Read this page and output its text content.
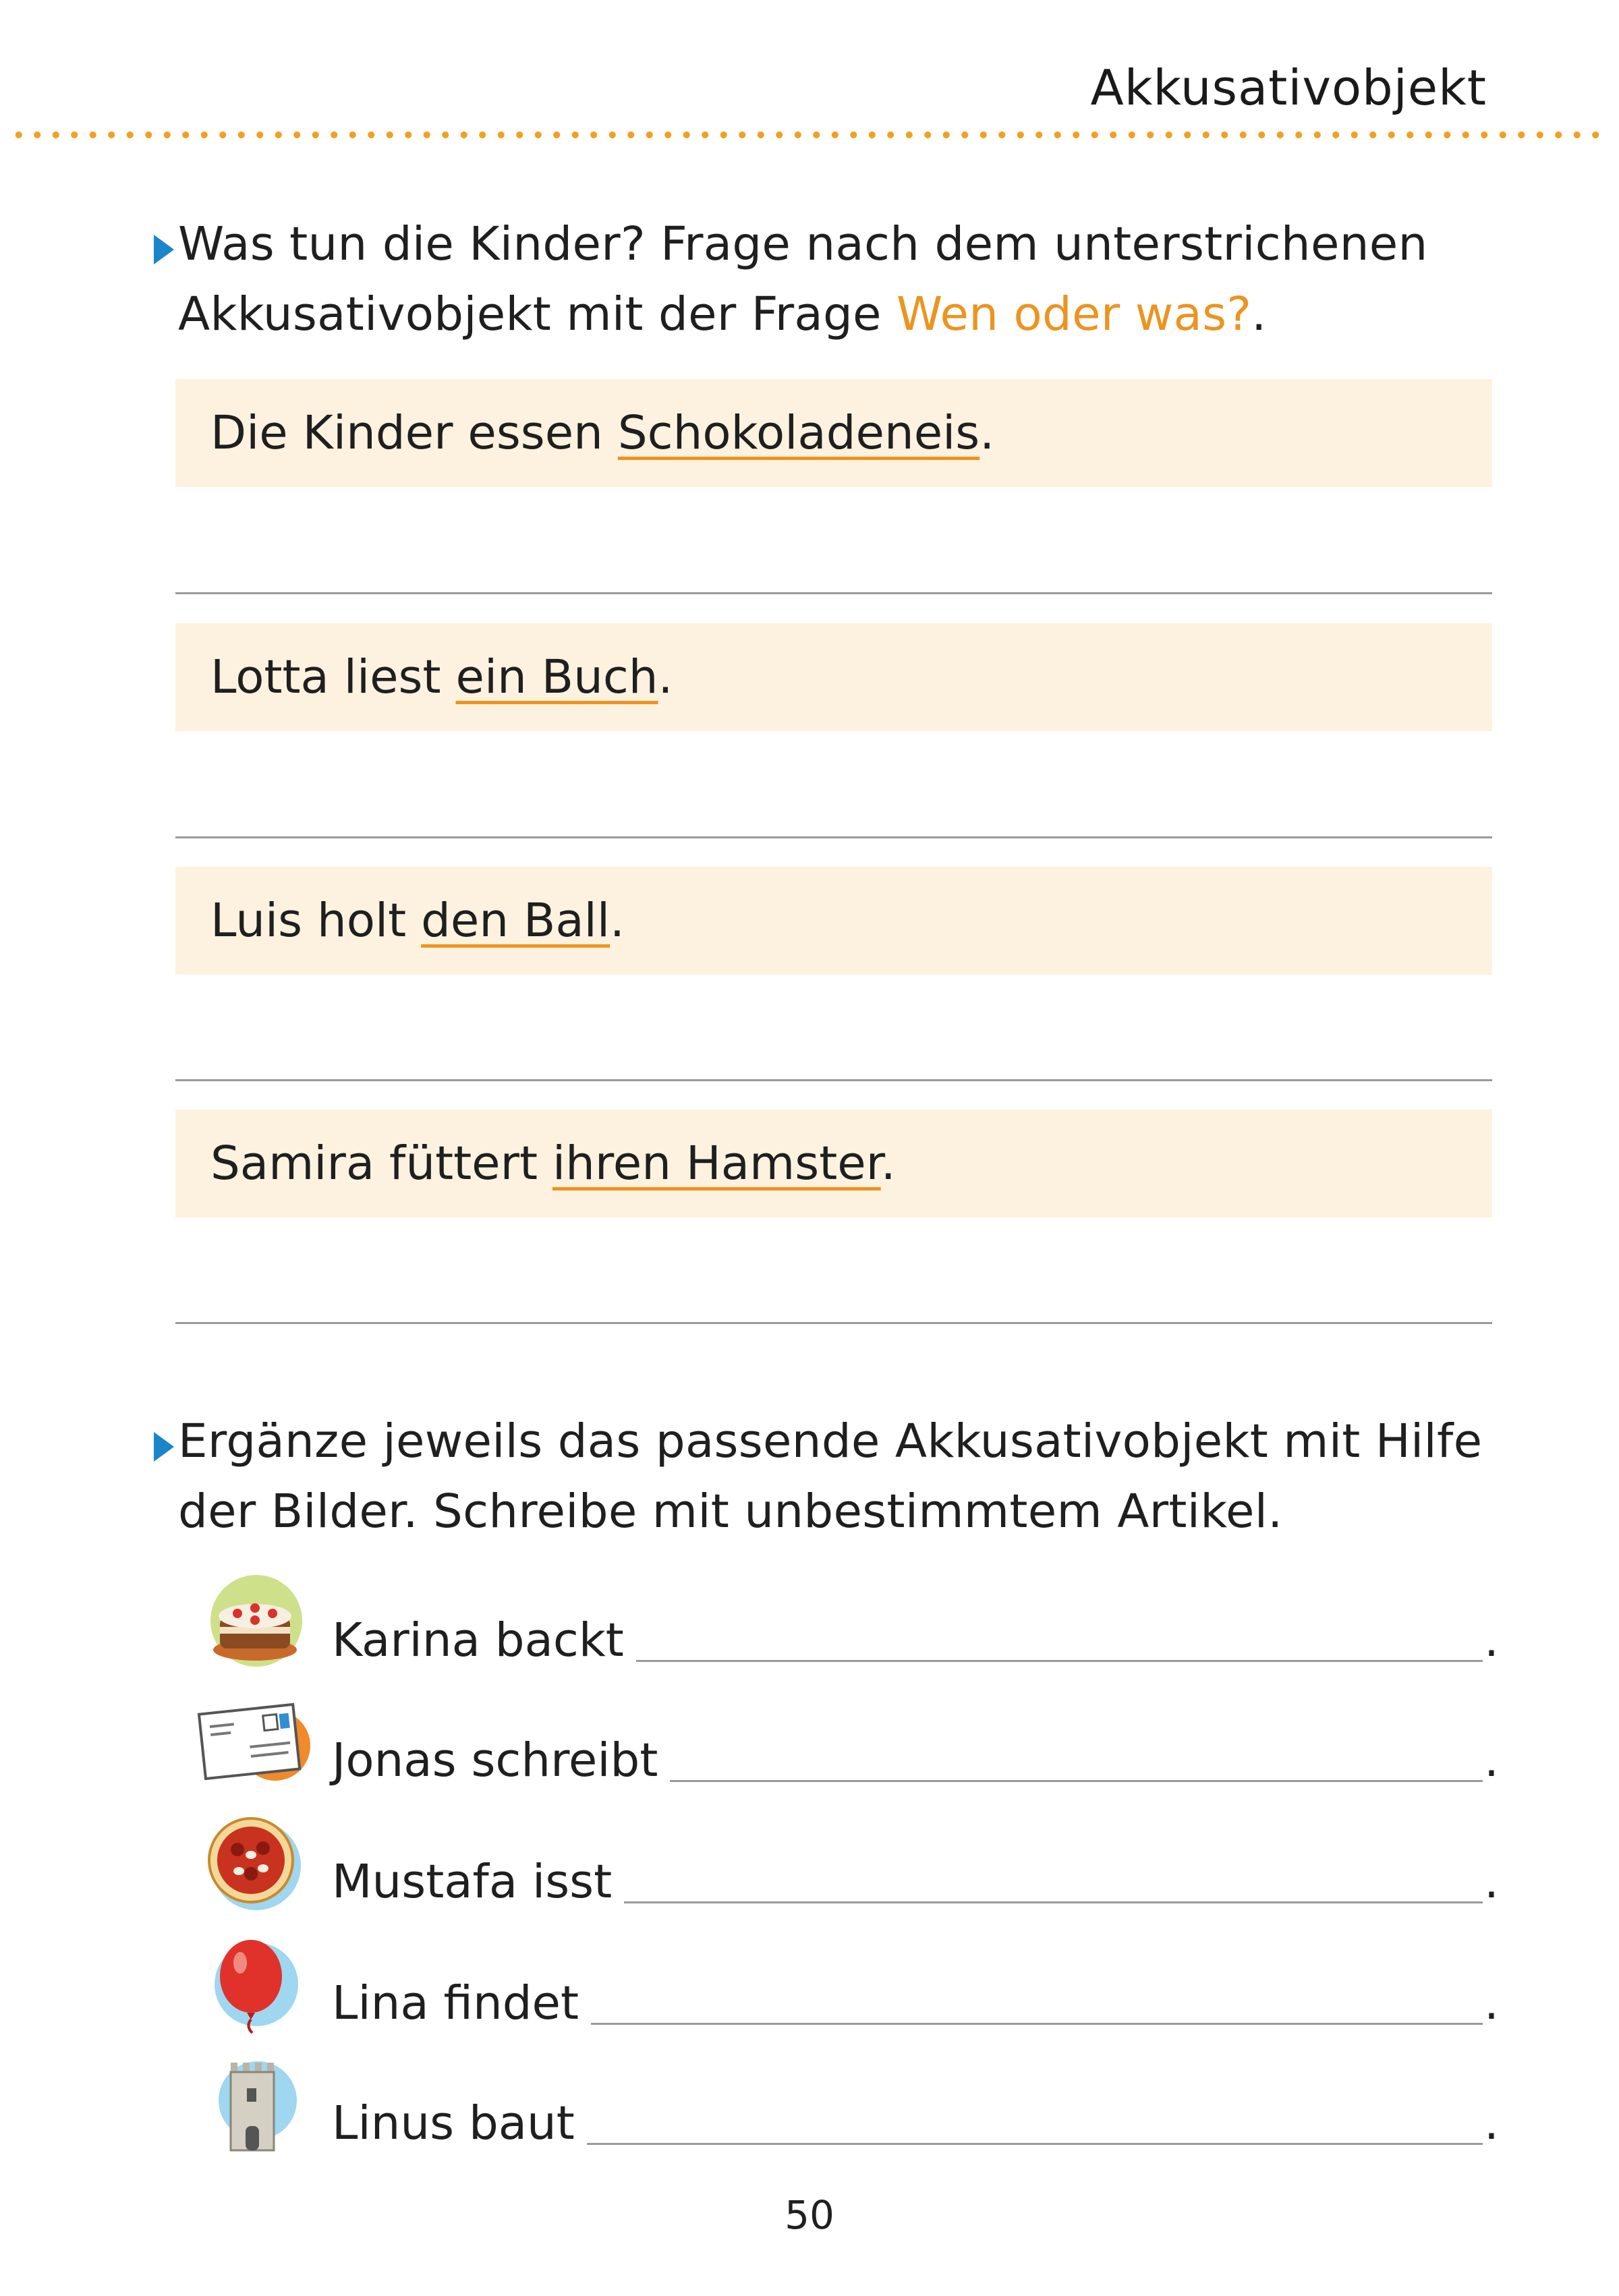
Akkusativobjekt
Was tun die Kinder? Frage nach dem unterstrichenen Akkusativobjekt mit der Frage Wen oder was?.
Die Kinder essen Schokoladeneis.
Lotta liest ein Buch.
Luis holt den Ball.
Samira füttert ihren Hamster.
Ergänze jeweils das passende Akkusativobjekt mit Hilfe der Bilder. Schreibe mit unbestimmtem Artikel.
Karina backt	.
Jonas schreibt	.
Mustafa isst	.
Lina findet	.
Linus baut	.
50
